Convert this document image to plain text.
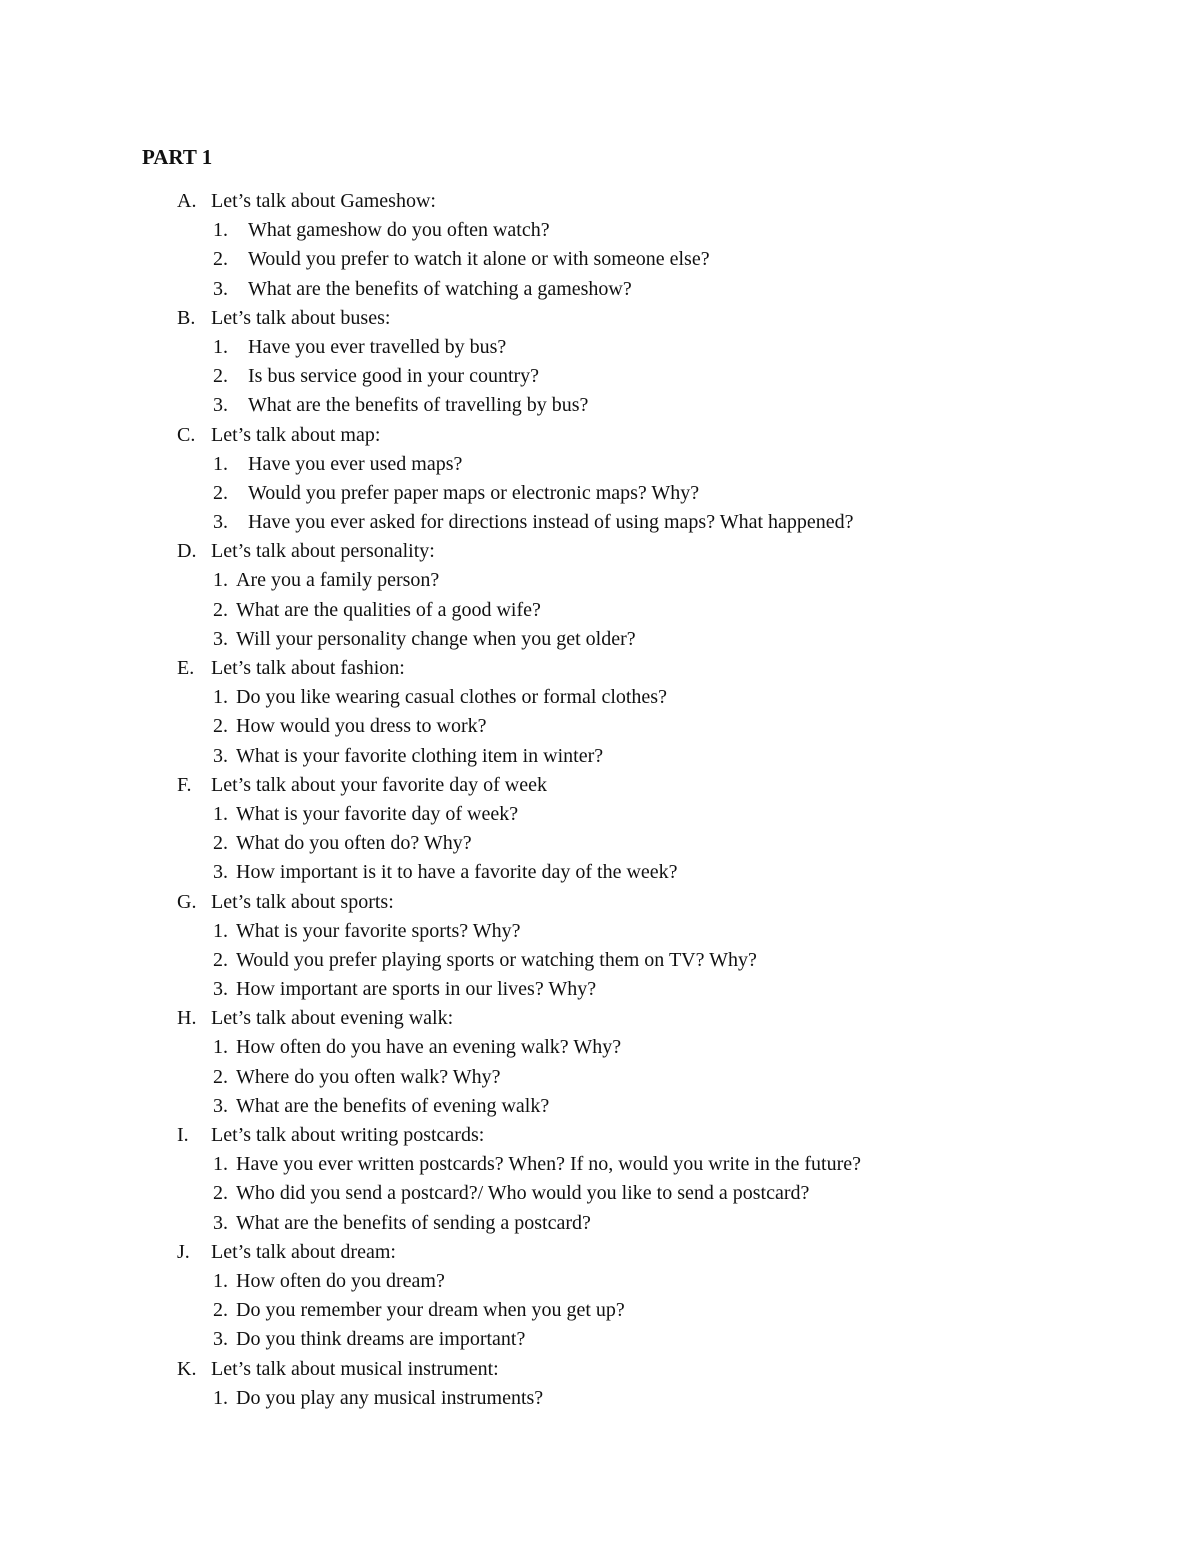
PART 1
A. Let’s talk about Gameshow:
1. What gameshow do you often watch?
2. Would you prefer to watch it alone or with someone else?
3. What are the benefits of watching a gameshow?
B. Let’s talk about buses:
1. Have you ever travelled by bus?
2. Is bus service good in your country?
3. What are the benefits of travelling by bus?
C. Let’s talk about map:
1. Have you ever used maps?
2. Would you prefer paper maps or electronic maps? Why?
3. Have you ever asked for directions instead of using maps? What happened?
D. Let’s talk about personality:
1. Are you a family person?
2. What are the qualities of a good wife?
3. Will your personality change when you get older?
E. Let’s talk about fashion:
1. Do you like wearing casual clothes or formal clothes?
2. How would you dress to work?
3. What is your favorite clothing item in winter?
F. Let’s talk about your favorite day of week
1. What is your favorite day of week?
2. What do you often do? Why?
3. How important is it to have a favorite day of the week?
G. Let’s talk about sports:
1. What is your favorite sports? Why?
2. Would you prefer playing sports or watching them on TV? Why?
3. How important are sports in our lives? Why?
H. Let’s talk about evening walk:
1. How often do you have an evening walk? Why?
2. Where do you often walk? Why?
3. What are the benefits of evening walk?
I. Let’s talk about writing postcards:
1. Have you ever written postcards? When? If no, would you write in the future?
2. Who did you send a postcard?/ Who would you like to send a postcard?
3. What are the benefits of sending a postcard?
J. Let’s talk about dream:
1. How often do you dream?
2. Do you remember your dream when you get up?
3. Do you think dreams are important?
K. Let’s talk about musical instrument:
1. Do you play any musical instruments?
